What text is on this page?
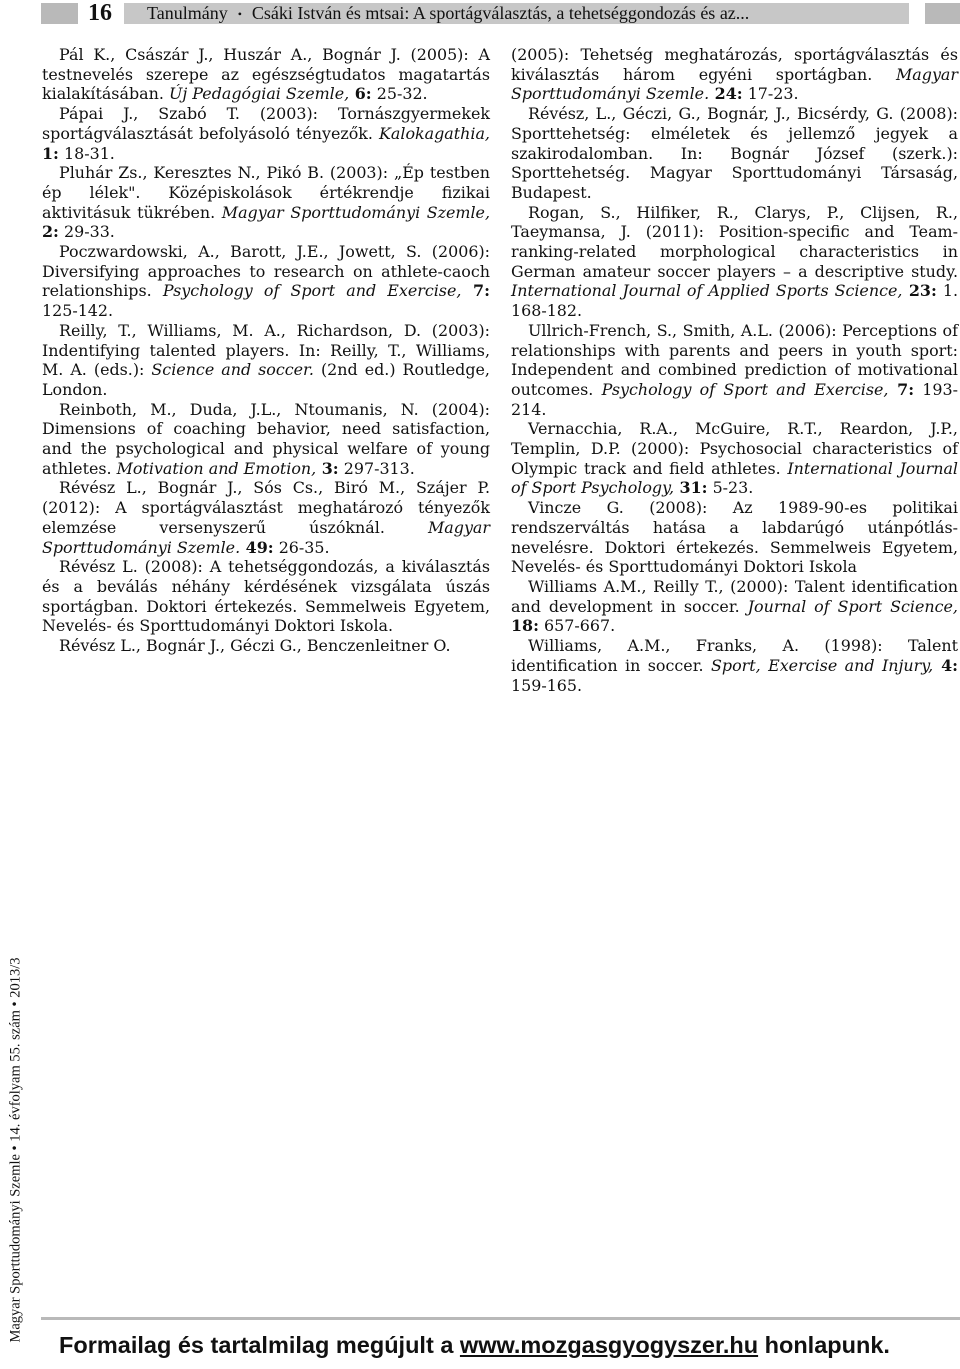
16 Tanulmány • Csáki István és mtsai: A sportágválasztás, a tehetséggondozás és az...

Pál K., Császár J., Huszár A., Bognár J. (2005): A testnevelés szerepe az egészségtudatos magatartás kialakításában. Új Pedagógiai Szemle, 6: 25-32.

Pápai J., Szabó T. (2003): Tornászgyermekek sportágválasztását befolyásoló tényezők. Kalokagathia, 1: 18-31.

Pluhár Zs., Keresztes N., Pikó B. (2003): „Ép testben ép lélek". Középiskolások értékrendje fizikai aktivitásuk tükrében. Magyar Sporttudományi Szemle, 2: 29-33.

Poczwardowski, A., Barott, J.E., Jowett, S. (2006): Diversifying approaches to research on athlete-caoch relationships. Psychology of Sport and Exercise, 7: 125-142.

Reilly, T., Williams, M. A., Richardson, D. (2003): Indentifying talented players. In: Reilly, T., Williams, M. A. (eds.): Science and soccer. (2nd ed.) Routledge, London.

Reinboth, M., Duda, J.L., Ntoumanis, N. (2004): Dimensions of coaching behavior, need satisfaction, and the psychological and physical welfare of young athletes. Motivation and Emotion, 3: 297-313.

Révész L., Bognár J., Sós Cs., Biró M., Szájer P. (2012): A sportágválasztást meghatározó tényezők elemzése versenyszerű úszóknál. Magyar Sporttudományi Szemle. 49: 26-35.

Révész L. (2008): A tehetséggondozás, a kiválasztás és a beválás néhány kérdésének vizsgálata úszás sportágban. Doktori értekezés. Semmelweis Egyetem, Nevelés- és Sporttudományi Doktori Iskola.

Révész L., Bognár J., Géczi G., Benczenleitner O.

(2005): Tehetség meghatározás, sportágválasztás és kiválasztás három egyéni sportágban. Magyar Sporttudományi Szemle. 24: 17-23.

Révész, L., Géczi, G., Bognár, J., Bicsérdy, G. (2008): Sporttehetség: elméletek és jellemző jegyek a szakirodalomban. In: Bognár József (szerk.): Sporttehetség. Magyar Sporttudományi Társaság, Budapest.

Rogan, S., Hilfiker, R., Clarys, P., Clijsen, R., Taeymansa, J. (2011): Position-specific and Team-ranking-related morphological characteristics in German amateur soccer players – a descriptive study. International Journal of Applied Sports Science, 23: 1. 168-182.

Ullrich-French, S., Smith, A.L. (2006): Perceptions of relationships with parents and peers in youth sport: Independent and combined prediction of motivational outcomes. Psychology of Sport and Exercise, 7: 193-214.

Vernacchia, R.A., McGuire, R.T., Reardon, J.P., Templin, D.P. (2000): Psychosocial characteristics of Olympic track and field athletes. International Journal of Sport Psychology, 31: 5-23.

Vincze G. (2008): Az 1989-90-es politikai rendszerváltás hatása a labdarúgó utánpótlás-nevelésre. Doktori értekezés. Semmelweis Egyetem, Nevelés- és Sporttudományi Doktori Iskola

Williams A.M., Reilly T., (2000): Talent identification and development in soccer. Journal of Sport Science, 18: 657-667.

Williams, A.M., Franks, A. (1998): Talent identification in soccer. Sport, Exercise and Injury, 4: 159-165.

Magyar Sporttudományi Szemle • 14. évfolyam 55. szám • 2013/3
Formailag és tartalmilag megújult a www.mozgasgyogyszer.hu honlapunk.
